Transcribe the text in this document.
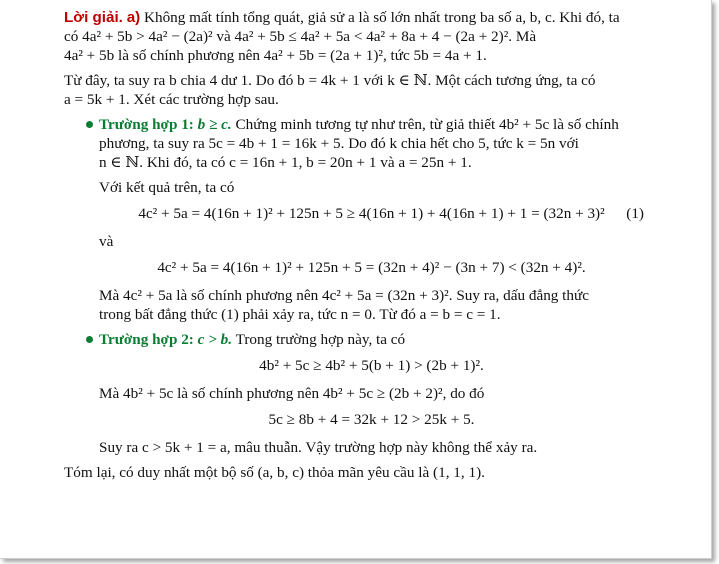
Lời giải. a) Không mất tính tổng quát, giả sử a là số lớn nhất trong ba số a, b, c. Khi đó, ta
có 4a² + 5b > 4a² − (2a)² và 4a² + 5b ≤ 4a² + 5a < 4a² + 8a + 4 − (2a + 2)². Mà
4a² + 5b là số chính phương nên 4a² + 5b = (2a + 1)², tức 5b = 4a + 1.
Từ đây, ta suy ra b chia 4 dư 1. Do đó b = 4k + 1 với k ∈ ℕ. Một cách tương ứng, ta có
a = 5k + 1. Xét các trường hợp sau.
Trường hợp 1: b ≥ c. Chứng minh tương tự như trên, từ giả thiết 4b² + 5c là số chính
phương, ta suy ra 5c = 4b + 1 = 16k + 5. Do đó k chia hết cho 5, tức k = 5n với
n ∈ ℕ. Khi đó, ta có c = 16n + 1, b = 20n + 1 và a = 25n + 1.
Với kết quả trên, ta có
4c² + 5a = 4(16n + 1)² + 125n + 5 ≥ 4(16n + 1) + 4(16n + 1) + 1 = (32n + 3)² (1)
và
4c² + 5a = 4(16n + 1)² + 125n + 5 = (32n + 4)² − (3n + 7) < (32n + 4)².
Mà 4c² + 5a là số chính phương nên 4c² + 5a = (32n + 3)². Suy ra, dấu đẳng thức
trong bất đẳng thức (1) phải xảy ra, tức n = 0. Từ đó a = b = c = 1.
Trường hợp 2: c > b. Trong trường hợp này, ta có
4b² + 5c ≥ 4b² + 5(b + 1) > (2b + 1)².
Mà 4b² + 5c là số chính phương nên 4b² + 5c ≥ (2b + 2)², do đó
5c ≥ 8b + 4 = 32k + 12 > 25k + 5.
Suy ra c > 5k + 1 = a, mâu thuẫn. Vậy trường hợp này không thể xảy ra.
Tóm lại, có duy nhất một bộ số (a, b, c) thỏa mãn yêu cầu là (1, 1, 1).
